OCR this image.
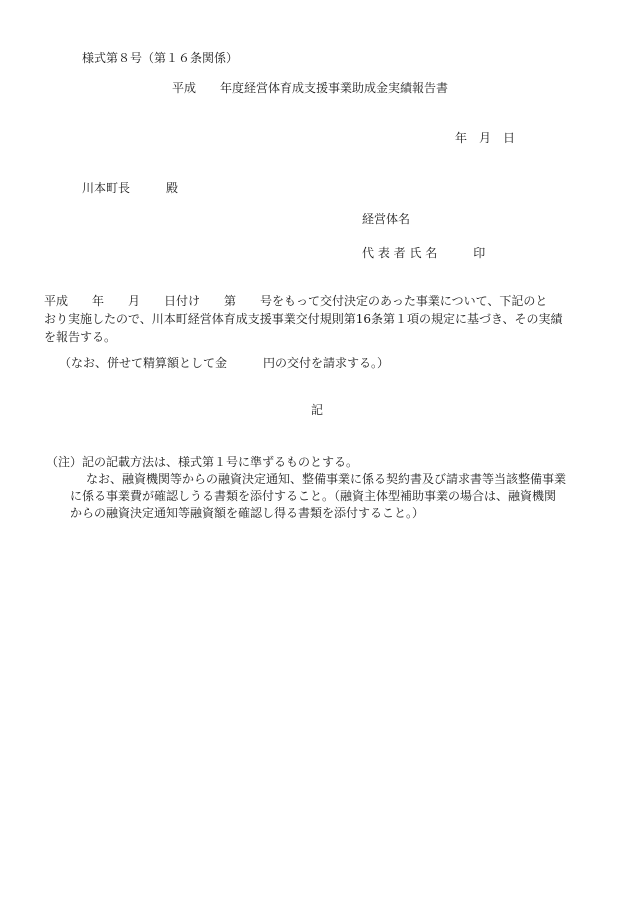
様式第８号（第１６条関係）
平成　　年度経営体育成支援事業助成金実績報告書
年　月　日
川本町長　　　殿
経営体名
代 表 者 氏 名　　　印
平成　　年　　月　　日付け　　第　　号をもって交付決定のあった事業について、下記のと
おり実施したので、川本町経営体育成支援事業交付規則第16条第１項の規定に基づき、その実績
を報告する。
（なお、併せて精算額として金　　　円の交付を請求する。）
記
（注）記の記載方法は、様式第１号に準ずるものとする。
なお、融資機関等からの融資決定通知、整備事業に係る契約書及び請求書等当該整備事業
に係る事業費が確認しうる書類を添付すること。（融資主体型補助事業の場合は、融資機関
からの融資決定通知等融資額を確認し得る書類を添付すること。）
